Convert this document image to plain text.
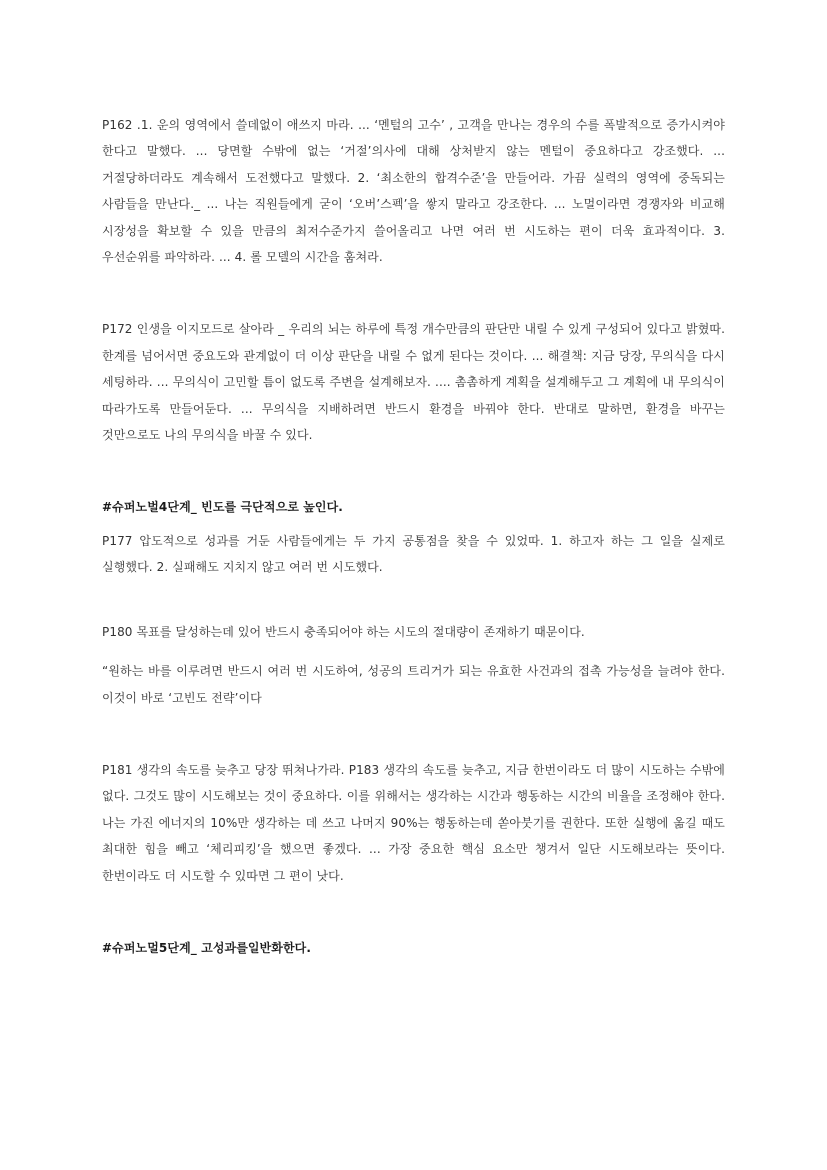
P162 .1. 운의 영역에서 쓸데없이 애쓰지 마라. ... ‘멘털의 고수’ , 고객을 만나는 경우의 수를 폭발적으로 증가시켜야 한다고 말했다. ... 당면할 수밖에 없는 ‘거절’의사에 대해 상처받지 않는 멘털이 중요하다고 강조했다. ... 거절당하더라도 계속해서 도전했다고 말했다. 2. ‘최소한의 합격수준’을 만들어라. 가끔 실력의 영역에 중독되는 사람들을 만난다._ ... 나는 직원들에게 굳이 ‘오버’스펙’을 쌓지 말라고 강조한다. ... 노멀이라면 경쟁자와 비교해 시장성을 확보할 수 있을 만큼의 최저수준가지 쓸어올리고 나면 여러 번 시도하는 편이 더욱 효과적이다. 3. 우선순위를 파악하라. ... 4. 롤 모델의 시간을 훔쳐라.

P172 인생을 이지모드로 살아라 _ 우리의 뇌는 하루에 특정 개수만큼의 판단만 내릴 수 있게 구성되어 있다고 밝혔따. 한계를 넘어서면 중요도와 관계없이 더 이상 판단을 내릴 수 없게 된다는 것이다. ... 해결책: 지금 당장, 무의식을 다시 세팅하라. ... 무의식이 고민할 틈이 없도록 주변을 설계해보자. .... 촘촘하게 계획을 설계해두고 그 계획에 내 무의식이 따라가도록 만들어둔다. ... 무의식을 지배하려면 반드시 환경을 바꿔야 한다. 반대로 말하면, 환경을 바꾸는 것만으로도 나의 무의식을 바꿀 수 있다.

#슈퍼노벌4단계_ 빈도를 극단적으로 높인다.

P177 압도적으로 성과를 거둔 사람들에게는 두 가지 공통점을 찾을 수 있었따. 1. 하고자 하는 그 일을 실제로 실행했다. 2. 실패해도 지치지 않고 여러 번 시도했다.

P180 목표를 달성하는데 있어 반드시 충족되어야 하는 시도의 절대량이 존재하기 때문이다.

“원하는 바를 이루려면 반드시 여러 번 시도하여, 성공의 트리거가 되는 유효한 사건과의 접촉 가능성을 늘려야 한다. 이것이 바로 ‘고빈도 전략’이다

P181 생각의 속도를 늦추고 당장 뛰쳐나가라. P183 생각의 속도를 늦추고, 지금 한번이라도 더 많이 시도하는 수밖에 없다. 그것도 많이 시도해보는 것이 중요하다. 이를 위해서는 생각하는 시간과 행동하는 시간의 비율을 조정해야 한다. 나는 가진 에너지의 10%만 생각하는 데 쓰고 나머지 90%는 행동하는데 쏟아붓기를 권한다. 또한 실행에 옮길 때도 최대한 힘을 빼고 ‘체리피킹’을 했으면 좋겠다. ... 가장 중요한 핵심 요소만 챙겨서 일단 시도해보라는 뜻이다. 한번이라도 더 시도할 수 있따면 그 편이 낫다.

#슈퍼노멀5단계_ 고성과를일반화한다.
